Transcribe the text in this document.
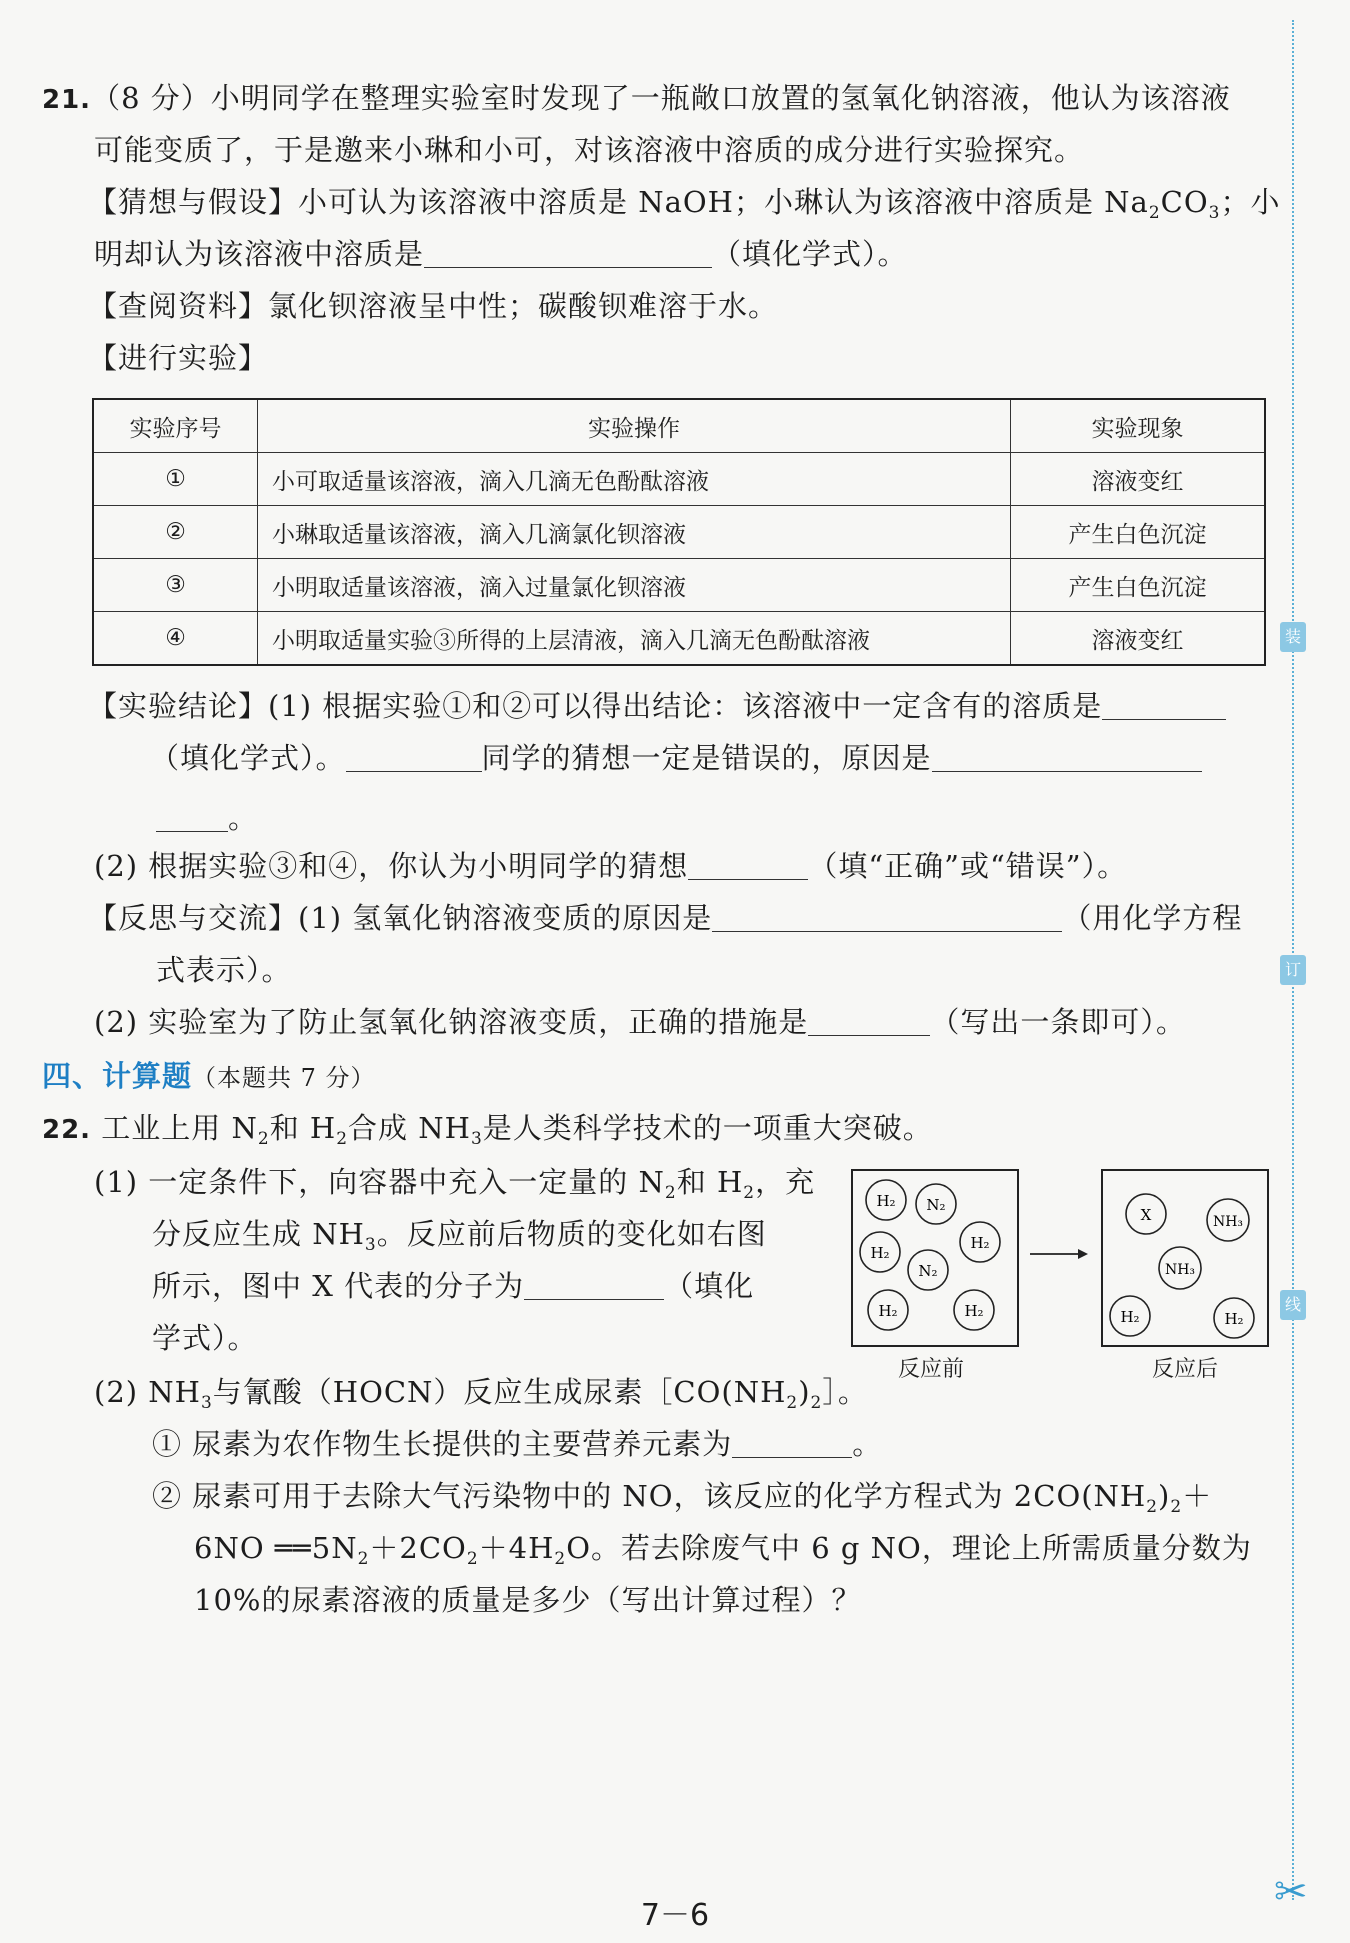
21.（8 分）小明同学在整理实验室时发现了一瓶敞口放置的氢氧化钠溶液，他认为该溶液
可能变质了，于是邀来小琳和小可，对该溶液中溶质的成分进行实验探究。
【猜想与假设】小可认为该溶液中溶质是 NaOH；小琳认为该溶液中溶质是 $Na_2CO_3$；小
明却认为该溶液中溶质是	（填化学式）。
【查阅资料】氯化钡溶液呈中性；碳酸钡难溶于水。
【进行实验】
实验序号	实验操作	实验现象
①	小可取适量该溶液，滴入几滴无色酚酞溶液	溶液变红
②	小琳取适量该溶液，滴入几滴氯化钡溶液	产生白色沉淀
③	小明取适量该溶液，滴入过量氯化钡溶液	产生白色沉淀
④	小明取适量实验③所得的上层清液，滴入几滴无色酚酞溶液	溶液变红
【实验结论】(1) 根据实验①和②可以得出结论：该溶液中一定含有的溶质是
（填化学式）。	同学的猜想一定是错误的，原因是
。
(2) 根据实验③和④，你认为小明同学的猜想	（填“正确”或“错误”）。
【反思与交流】(1) 氢氧化钠溶液变质的原因是	（用化学方程
式表示）。
(2) 实验室为了防止氢氧化钠溶液变质，正确的措施是	（写出一条即可）。
四、计算题（本题共 7 分）
22. 工业上用 $N_2$和 $H_2$合成 $NH_3$是人类科学技术的一项重大突破。
(1) 一定条件下，向容器中充入一定量的 $N_2$和 $H_2$，充
分反应生成 $NH_3$。反应前后物质的变化如右图
所示，图中 X 代表的分子为	（填化
学式）。
H₂ N₂
H₂
H₂
N₂
H₂	H₂
X	NH₃
NH₃
H₂	H₂
反应前	反应后
(2) $NH_3$与氰酸（HOCN）反应生成尿素$[CO(NH_2)_2]$。
① 尿素为农作物生长提供的主要营养元素为	。
② 尿素可用于去除大气污染物中的 NO，该反应的化学方程式为 $2CO(NH_2)_2+$
6NO $══5N_2+2CO_2+4H_2O$。若去除废气中 6 g NO，理论上所需质量分数为
10%的尿素溶液的质量是多少（写出计算过程）？
装
订
线
✂
7－6
